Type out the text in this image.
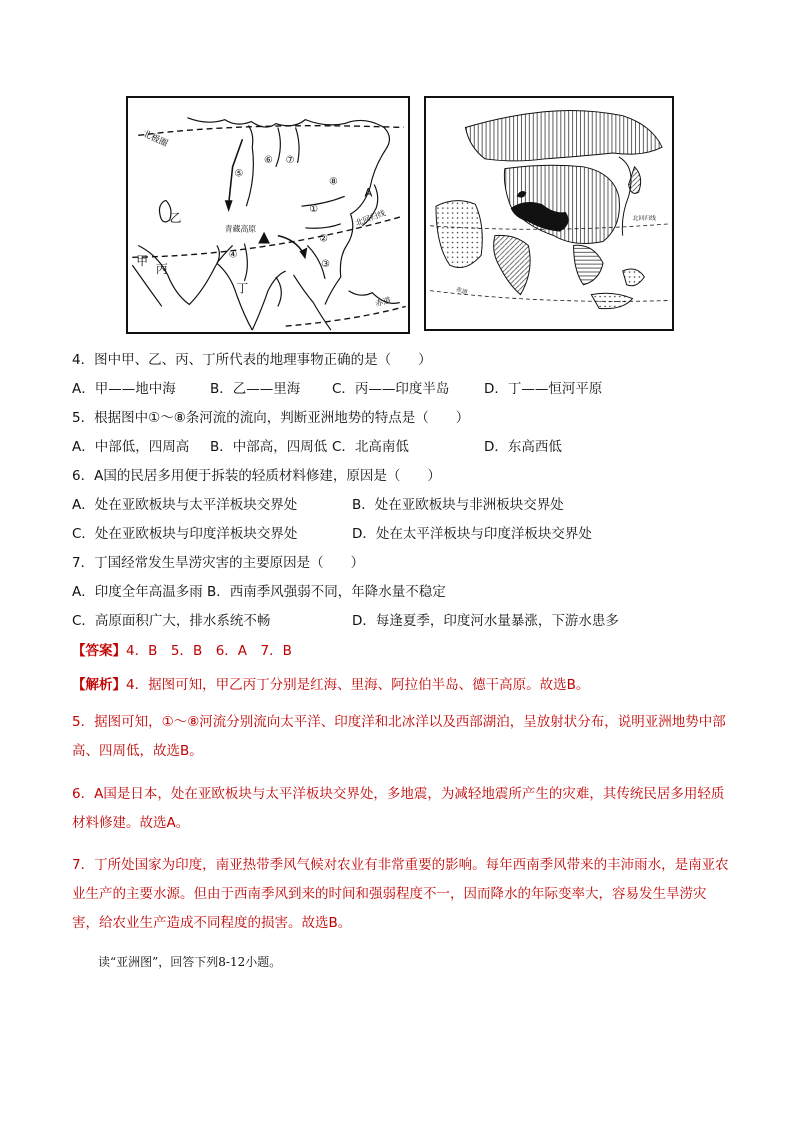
北极圈
北回归线
赤道
青藏高原
甲
乙
丙
丁
A
①
②
③
④
⑤
⑥ ⑦
⑧
北回归线
赤道

4．图中甲、乙、丙、丁所代表的地理事物正确的是（　　）

A．甲——地中海	B．乙——里海	C．丙——印度半岛	D．丁——恒河平原

5．根据图中①～⑧条河流的流向，判断亚洲地势的特点是（　　）

A．中部低，四周高	B．中部高，四周低 C．北高南低	D．东高西低

6．A国的民居多用便于拆装的轻质材料修建，原因是（　　）

A．处在亚欧板块与太平洋板块交界处	B．处在亚欧板块与非洲板块交界处
C．处在亚欧板块与印度洋板块交界处	D．处在太平洋板块与印度洋板块交界处

7．丁国经常发生旱涝灾害的主要原因是（　　）

A．印度全年高温多雨 B．西南季风强弱不同，年降水量不稳定

C．高原面积广大，排水系统不畅	D．每逢夏季，印度河水量暴涨，下游水患多

【答案】4．B　5．B　6．A　7．B

【解析】4．据图可知，甲乙丙丁分别是红海、里海、阿拉伯半岛、德干高原。故选B。

5．据图可知，①～⑧河流分别流向太平洋、印度洋和北冰洋以及西部湖泊，呈放射状分布，说明亚洲地势中部高、四周低，故选B。

6．A国是日本，处在亚欧板块与太平洋板块交界处，多地震，为减轻地震所产生的灾难，其传统民居多用轻质材料修建。故选A。

7．丁所处国家为印度，南亚热带季风气候对农业有非常重要的影响。每年西南季风带来的丰沛雨水，是南亚农业生产的主要水源。但由于西南季风到来的时间和强弱程度不一，因而降水的年际变率大，容易发生旱涝灾害，给农业生产造成不同程度的损害。故选B。

读“亚洲图”，回答下列8-12小题。
